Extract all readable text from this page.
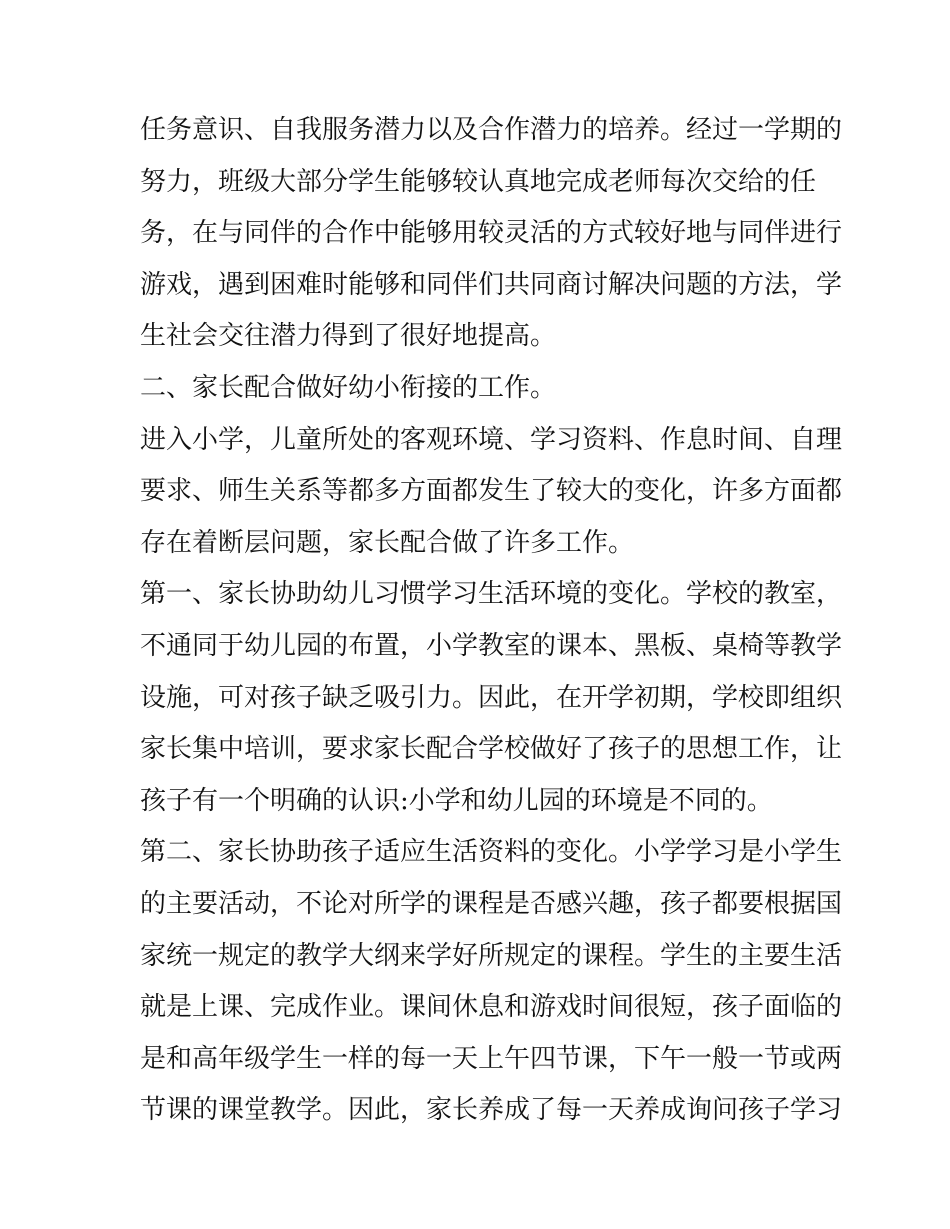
任务意识、自我服务潜力以及合作潜力的培养。经过一学期的
努力，班级大部分学生能够较认真地完成老师每次交给的任
务，在与同伴的合作中能够用较灵活的方式较好地与同伴进行
游戏，遇到困难时能够和同伴们共同商讨解决问题的方法，学
生社会交往潜力得到了很好地提高。
二、家长配合做好幼小衔接的工作。
进入小学，儿童所处的客观环境、学习资料、作息时间、自理
要求、师生关系等都多方面都发生了较大的变化，许多方面都
存在着断层问题，家长配合做了许多工作。
第一、家长协助幼儿习惯学习生活环境的变化。学校的教室，
不通同于幼儿园的布置，小学教室的课本、黑板、桌椅等教学
设施，可对孩子缺乏吸引力。因此，在开学初期，学校即组织
家长集中培训，要求家长配合学校做好了孩子的思想工作，让
孩子有一个明确的认识:小学和幼儿园的环境是不同的。
第二、家长协助孩子适应生活资料的变化。小学学习是小学生
的主要活动，不论对所学的课程是否感兴趣，孩子都要根据国
家统一规定的教学大纲来学好所规定的课程。学生的主要生活
就是上课、完成作业。课间休息和游戏时间很短，孩子面临的
是和高年级学生一样的每一天上午四节课，下午一般一节或两
节课的课堂教学。因此，家长养成了每一天养成询问孩子学习
